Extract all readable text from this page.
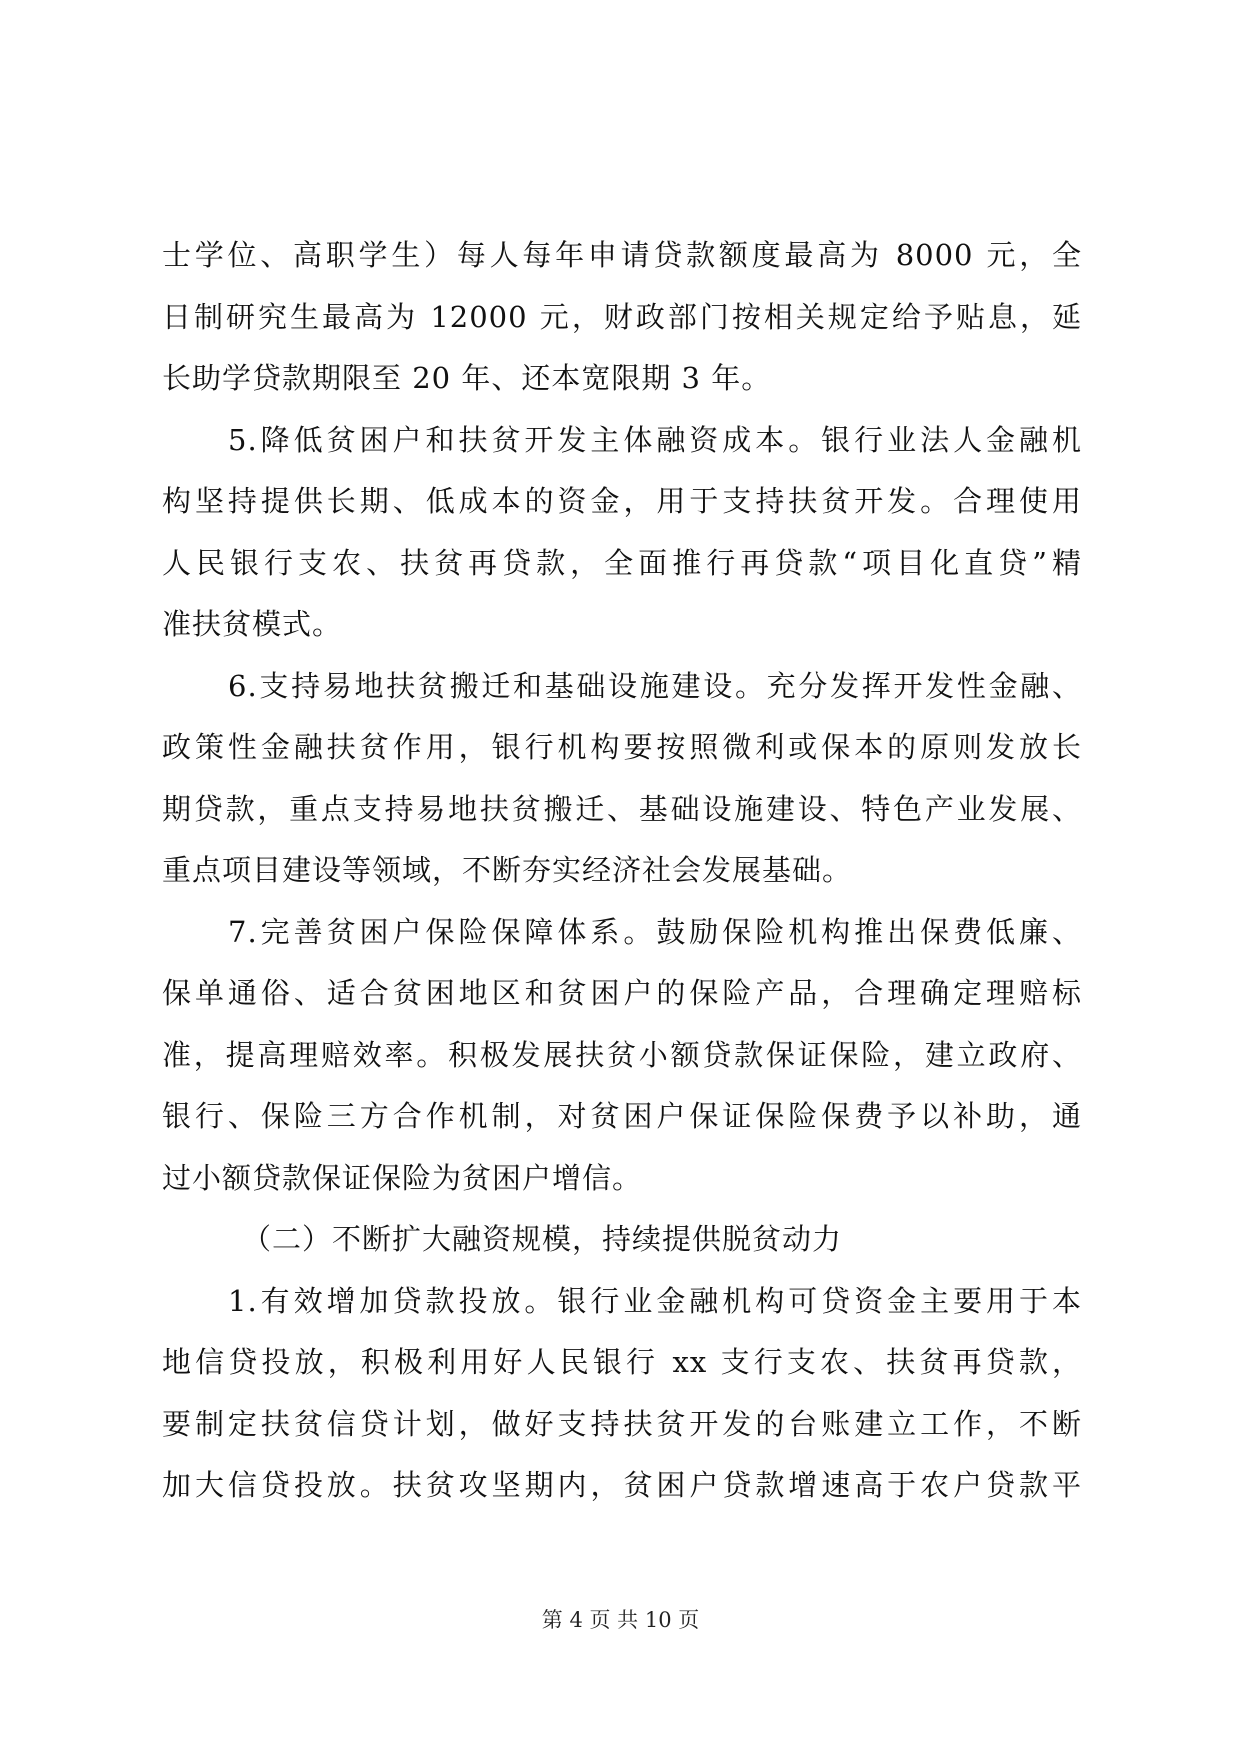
士学位、高职学生）每人每年申请贷款额度最高为 8000 元，全
日制研究生最高为 12000 元，财政部门按相关规定给予贴息，延
长助学贷款期限至 20 年、还本宽限期 3 年。
5.降低贫困户和扶贫开发主体融资成本。银行业法人金融机
构坚持提供长期、低成本的资金，用于支持扶贫开发。合理使用
人民银行支农、扶贫再贷款，全面推行再贷款“项目化直贷”精
准扶贫模式。
6.支持易地扶贫搬迁和基础设施建设。充分发挥开发性金融、
政策性金融扶贫作用，银行机构要按照微利或保本的原则发放长
期贷款，重点支持易地扶贫搬迁、基础设施建设、特色产业发展、
重点项目建设等领域，不断夯实经济社会发展基础。
7.完善贫困户保险保障体系。鼓励保险机构推出保费低廉、
保单通俗、适合贫困地区和贫困户的保险产品，合理确定理赔标
准，提高理赔效率。积极发展扶贫小额贷款保证保险，建立政府、
银行、保险三方合作机制，对贫困户保证保险保费予以补助，通
过小额贷款保证保险为贫困户增信。
（二）不断扩大融资规模，持续提供脱贫动力
1.有效增加贷款投放。银行业金融机构可贷资金主要用于本
地信贷投放，积极利用好人民银行 xx 支行支农、扶贫再贷款，
要制定扶贫信贷计划，做好支持扶贫开发的台账建立工作，不断
加大信贷投放。扶贫攻坚期内，贫困户贷款增速高于农户贷款平
第 4 页 共 10 页
